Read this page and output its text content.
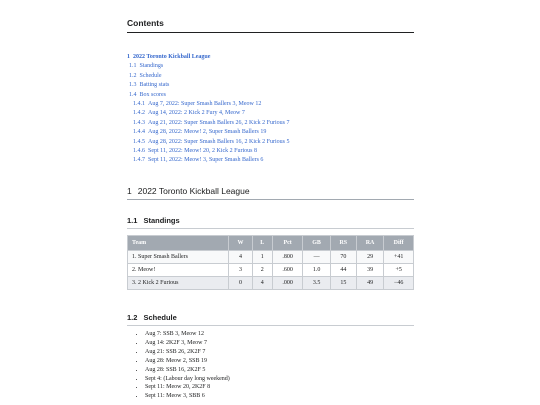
Contents
1 2022 Toronto Kickball League
1.1 Standings
1.2 Schedule
1.3 Batting stats
1.4 Box scores
1.4.1 Aug 7, 2022: Super Smash Ballers 3, Meow 12
1.4.2 Aug 14, 2022: 2 Kick 2 Fury 4, Meow 7
1.4.3 Aug 21, 2022: Super Smash Ballers 26, 2 Kick 2 Furious 7
1.4.4 Aug 28, 2022: Meow! 2, Super Smash Ballers 19
1.4.5 Aug 28, 2022: Super Smash Ballers 16, 2 Kick 2 Furious 5
1.4.6 Sept 11, 2022: Meow! 20, 2 Kick 2 Furious 8
1.4.7 Sept 11, 2022: Meow! 3, Super Smash Ballers 6
1 2022 Toronto Kickball League
1.1 Standings
Team	W	L	Pct	GB	RS	RA	Diff
1. Super Smash Ballers	4	1	.800	—	70	29	+41
2. Meow!	3	2	.600	1.0	44	39	+5
3. 2 Kick 2 Furious	0	4	.000	3.5	15	49	−46
1.2 Schedule
• Aug 7: SSB 3, Meow 12
• Aug 14: 2K2F 3, Meow 7
• Aug 21: SSB 26, 2K2F 7
• Aug 28: Meow 2, SSB 19
• Aug 28: SSB 16, 2K2F 5
• Sept 4: (Labour day long weekend)
• Sept 11: Meow 20, 2K2F 8
• Sept 11: Meow 3, SBB 6
